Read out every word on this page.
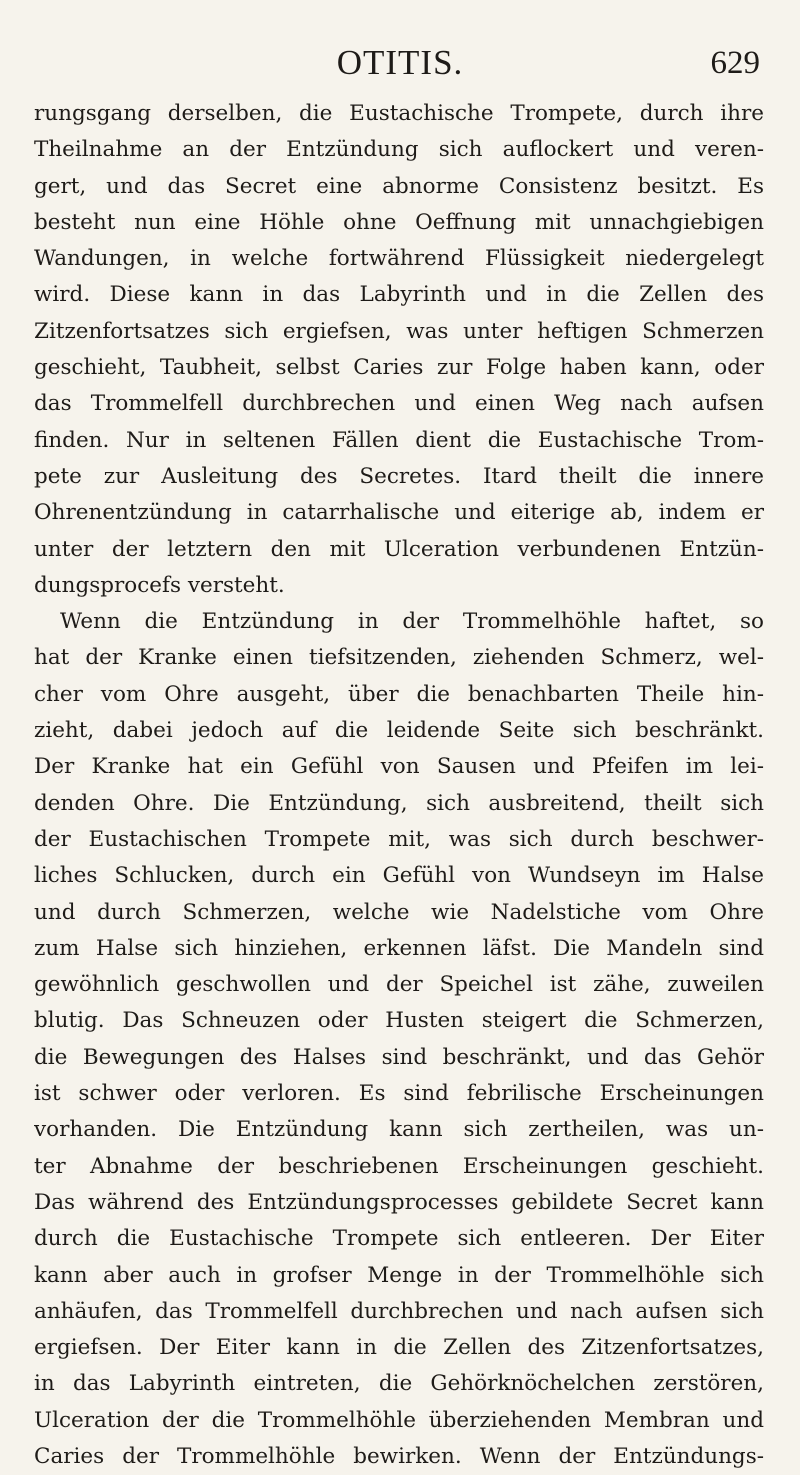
OTITIS.	629
rungsgang derselben, die Eustachische Trompete, durch ihre
Theilnahme an der Entzündung sich auflockert und veren-
gert, und das Secret eine abnorme Consistenz besitzt. Es
besteht nun eine Höhle ohne Oeffnung mit unnachgiebigen
Wandungen, in welche fortwährend Flüssigkeit niedergelegt
wird. Diese kann in das Labyrinth und in die Zellen des
Zitzenfortsatzes sich ergiefsen, was unter heftigen Schmerzen
geschieht, Taubheit, selbst Caries zur Folge haben kann, oder
das Trommelfell durchbrechen und einen Weg nach aufsen
finden. Nur in seltenen Fällen dient die Eustachische Trom-
pete zur Ausleitung des Secretes. Itard theilt die innere
Ohrenentzündung in catarrhalische und eiterige ab, indem er
unter der letztern den mit Ulceration verbundenen Entzün-
dungsprocefs versteht.
Wenn die Entzündung in der Trommelhöhle haftet, so
hat der Kranke einen tiefsitzenden, ziehenden Schmerz, wel-
cher vom Ohre ausgeht, über die benachbarten Theile hin-
zieht, dabei jedoch auf die leidende Seite sich beschränkt.
Der Kranke hat ein Gefühl von Sausen und Pfeifen im lei-
denden Ohre. Die Entzündung, sich ausbreitend, theilt sich
der Eustachischen Trompete mit, was sich durch beschwer-
liches Schlucken, durch ein Gefühl von Wundseyn im Halse
und durch Schmerzen, welche wie Nadelstiche vom Ohre
zum Halse sich hinziehen, erkennen läfst. Die Mandeln sind
gewöhnlich geschwollen und der Speichel ist zähe, zuweilen
blutig. Das Schneuzen oder Husten steigert die Schmerzen,
die Bewegungen des Halses sind beschränkt, und das Gehör
ist schwer oder verloren. Es sind febrilische Erscheinungen
vorhanden. Die Entzündung kann sich zertheilen, was un-
ter Abnahme der beschriebenen Erscheinungen geschieht.
Das während des Entzündungsprocesses gebildete Secret kann
durch die Eustachische Trompete sich entleeren. Der Eiter
kann aber auch in grofser Menge in der Trommelhöhle sich
anhäufen, das Trommelfell durchbrechen und nach aufsen sich
ergiefsen. Der Eiter kann in die Zellen des Zitzenfortsatzes,
in das Labyrinth eintreten, die Gehörknöchelchen zerstören,
Ulceration der die Trommelhöhle überziehenden Membran und
Caries der Trommelhöhle bewirken. Wenn der Entzündungs-
